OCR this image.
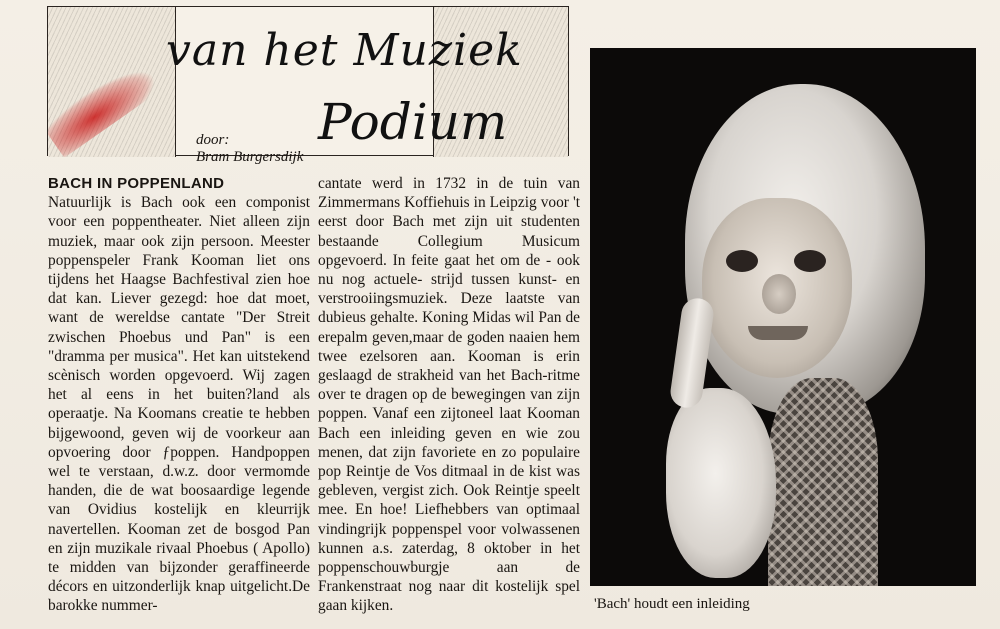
van het Muziek
Podium
door:
Bram Burgersdijk
BACH IN POPPENLAND

Natuurlijk is Bach ook een componist voor een poppentheater. Niet alleen zijn muziek, maar ook zijn persoon. Meester poppenspeler Frank Kooman liet ons tijdens het Haagse Bachfestival zien hoe dat kan. Liever gezegd: hoe dat moet, want de wereldse cantate "Der Streit zwischen Phoebus und Pan" is een "dramma per musica". Het kan uitstekend scènisch worden opgevoerd. Wij zagen het al eens in het buiten?land als operaatje. Na Koomans creatie te hebben bijgewoond, geven wij de voorkeur aan opvoering door ƒpoppen. Handpoppen wel te verstaan, d.w.z. door vermomde handen, die de wat boosaardige legende van Ovidius kostelijk en kleurrijk navertellen. Kooman zet de bosgod Pan en zijn muzikale rivaal Phoebus ( Apollo) te midden van bijzonder geraffineerde décors en uitzonderlijk knap uitgelicht.De barokke nummer-

cantate werd in 1732 in de tuin van Zimmermans Koffiehuis in Leipzig voor 't eerst door Bach met zijn uit studenten bestaande Collegium Musicum opgevoerd. In feite gaat het om de - ook nu nog actuele- strijd tussen kunst- en verstrooiingsmuziek. Deze laatste van dubieus gehalte. Koning Midas wil Pan de erepalm geven,maar de goden naaien hem twee ezelsoren aan. Kooman is erin geslaagd de strakheid van het Bach-ritme over te dragen op de bewegingen van zijn poppen. Vanaf een zijtoneel laat Kooman Bach een inleiding geven en wie zou menen, dat zijn favoriete en zo populaire pop Reintje de Vos ditmaal in de kist was gebleven, vergist zich. Ook Reintje speelt mee. En hoe! Liefhebbers van optimaal vindingrijk poppenspel voor volwassenen kunnen a.s. zaterdag, 8 oktober in het poppenschouwburgje aan de Frankenstraat nog naar dit kostelijk spel gaan kijken.	'Bach' houdt een inleiding
